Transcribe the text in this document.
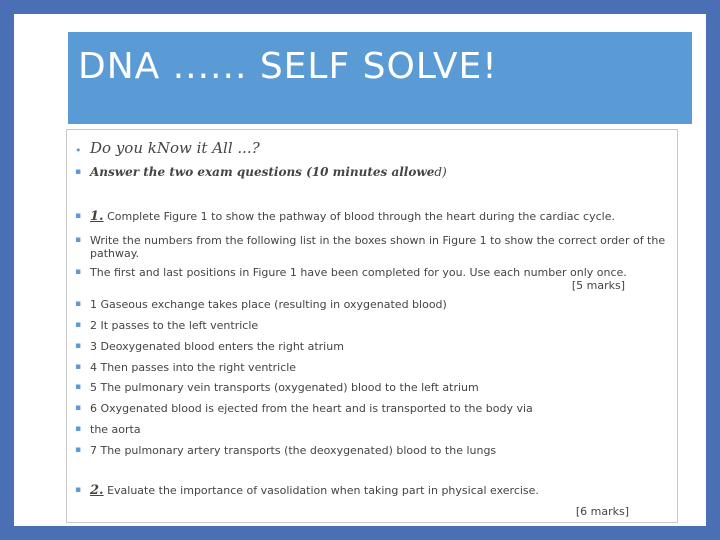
DNA ...... SELF SOLVE!
• Do you kNow it All ...?
▪ Answer the two exam questions (10 minutes allowed)
▪ 1. Complete Figure 1 to show the pathway of blood through the heart during the cardiac cycle.
▪ Write the numbers from the following list in the boxes shown in Figure 1 to show the correct order of the pathway.
▪ The first and last positions in Figure 1 have been completed for you. Use each number only once.
[5 marks]
▪ 1 Gaseous exchange takes place (resulting in oxygenated blood)
▪ 2 It passes to the left ventricle
▪ 3 Deoxygenated blood enters the right atrium
▪ 4 Then passes into the right ventricle
▪ 5 The pulmonary vein transports (oxygenated) blood to the left atrium
▪ 6 Oxygenated blood is ejected from the heart and is transported to the body via
▪ the aorta
▪ 7 The pulmonary artery transports (the deoxygenated) blood to the lungs
▪ 2. Evaluate the importance of vasolidation when taking part in physical exercise.
[6 marks]
